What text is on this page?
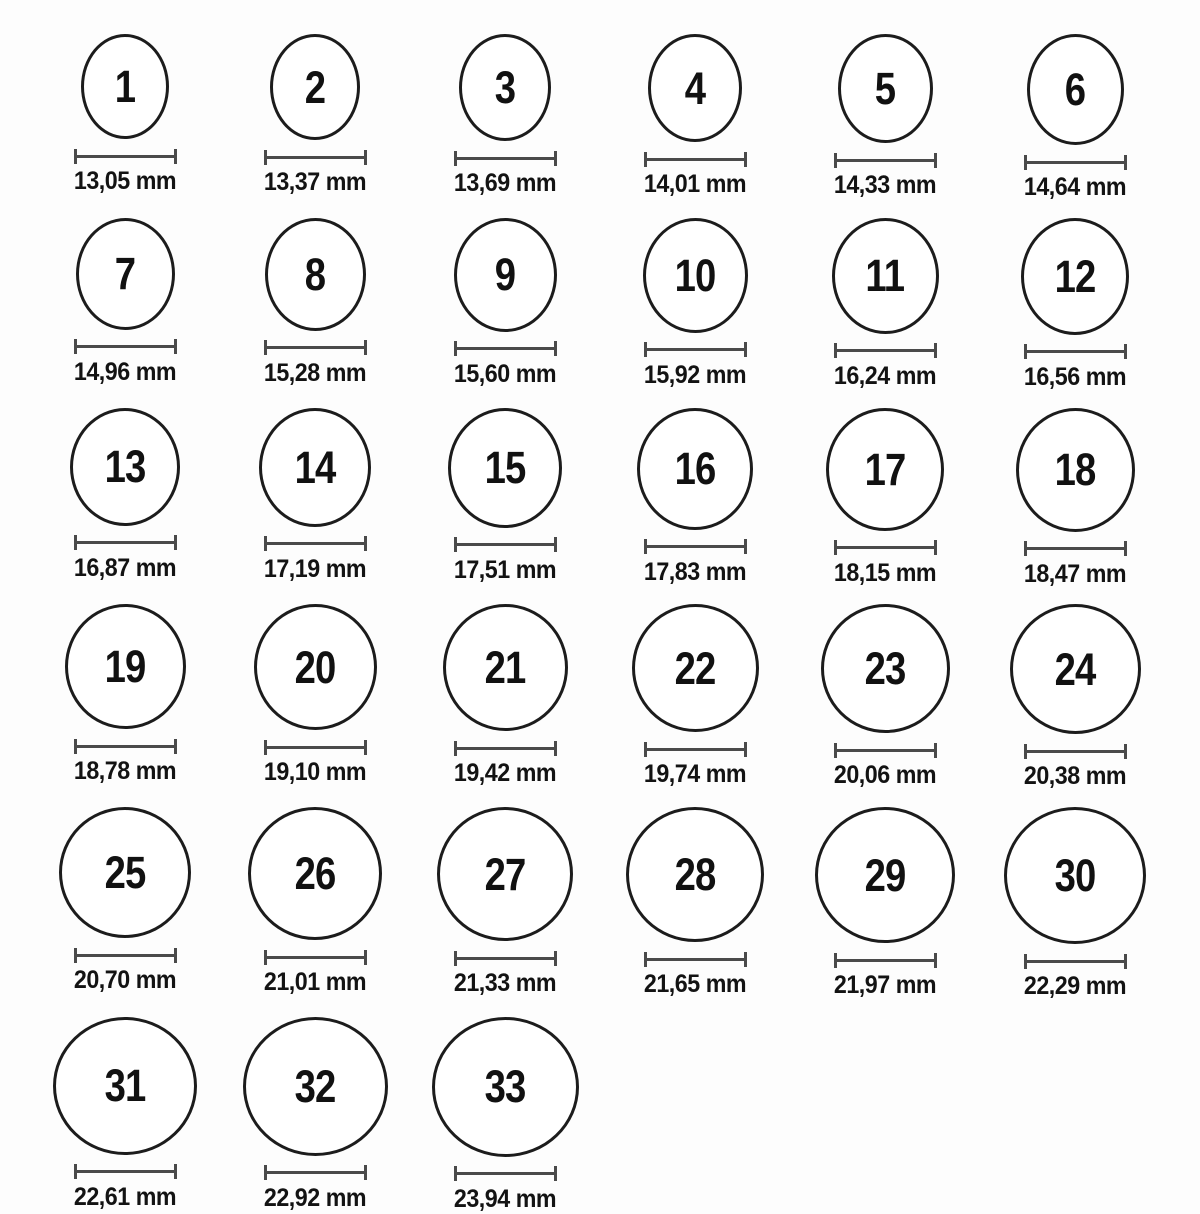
1
13,05 mm
2
13,37 mm
3
13,69 mm
4
14,01 mm
5
14,33 mm
6
14,64 mm
7
14,96 mm
8
15,28 mm
9
15,60 mm
10
15,92 mm
11
16,24 mm
12
16,56 mm
13
16,87 mm
14
17,19 mm
15
17,51 mm
16
17,83 mm
17
18,15 mm
18
18,47 mm
19
18,78 mm
20
19,10 mm
21
19,42 mm
22
19,74 mm
23
20,06 mm
24
20,38 mm
25
20,70 mm
26
21,01 mm
27
21,33 mm
28
21,65 mm
29
21,97 mm
30
22,29 mm
31
22,61 mm
32
22,92 mm
33
23,94 mm
